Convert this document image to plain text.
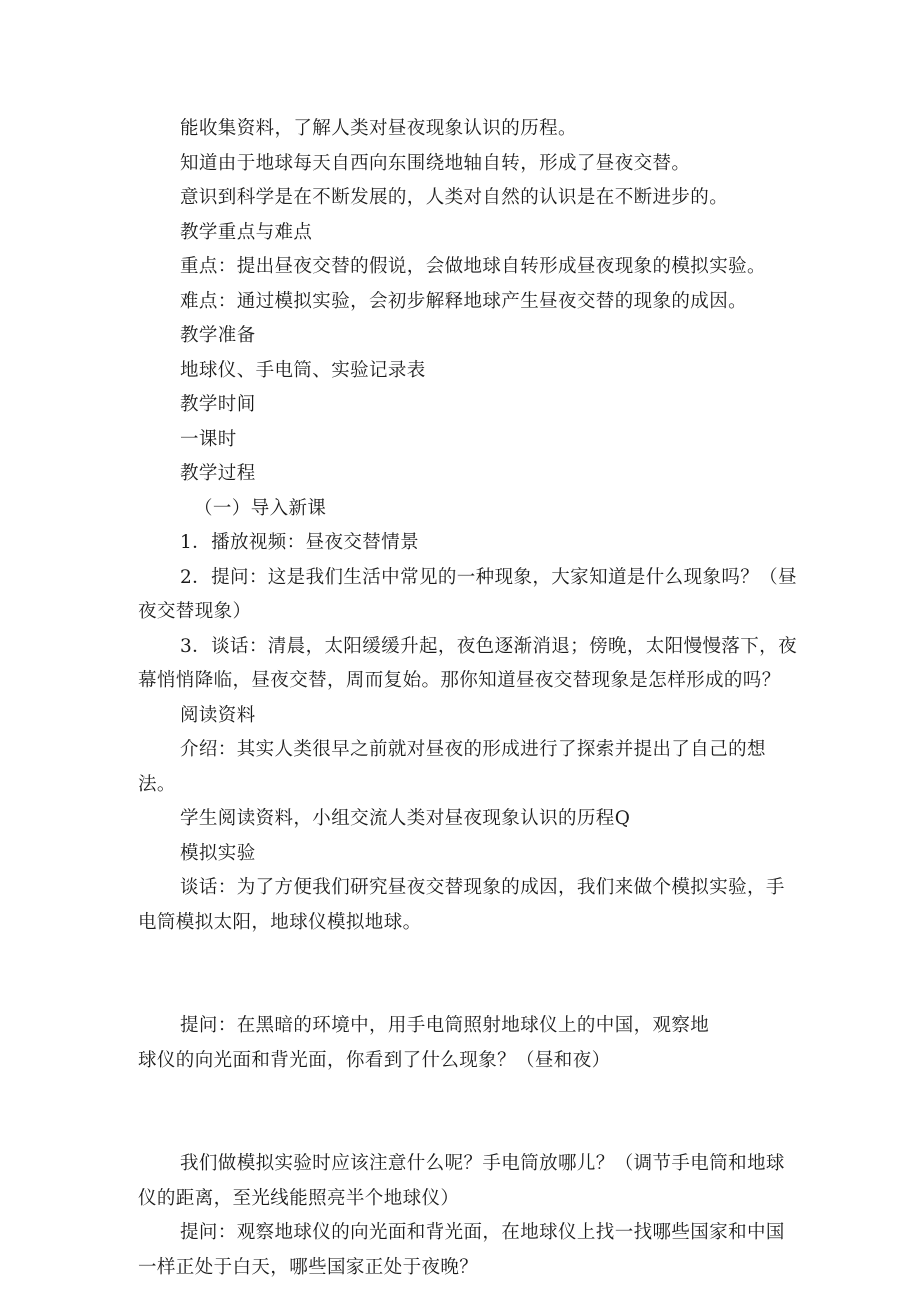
能收集资料，了解人类对昼夜现象认识的历程。

知道由于地球每天自西向东围绕地轴自转，形成了昼夜交替。

意识到科学是在不断发展的，人类对自然的认识是在不断进步的。

教学重点与难点

重点：提出昼夜交替的假说，会做地球自转形成昼夜现象的模拟实验。

难点：通过模拟实验，会初步解释地球产生昼夜交替的现象的成因。

教学准备

地球仪、手电筒、实验记录表

教学时间

一课时

教学过程

（一）导入新课

1．播放视频：昼夜交替情景

2．提问：这是我们生活中常见的一种现象，大家知道是什么现象吗？（昼夜交替现象）

3．谈话：清晨，太阳缓缓升起，夜色逐渐消退；傍晚，太阳慢慢落下，夜幕悄悄降临，昼夜交替，周而复始。那你知道昼夜交替现象是怎样形成的吗？

阅读资料

介绍：其实人类很早之前就对昼夜的形成进行了探索并提出了自己的想法。

学生阅读资料，小组交流人类对昼夜现象认识的历程Q

模拟实验

谈话：为了方便我们研究昼夜交替现象的成因，我们来做个模拟实验，手电筒模拟太阳，地球仪模拟地球。

提问：在黑暗的环境中，用手电筒照射地球仪上的中国，观察地
球仪的向光面和背光面，你看到了什么现象？（昼和夜）

我们做模拟实验时应该注意什么呢？手电筒放哪儿？（调节手电筒和地球仪的距离，至光线能照亮半个地球仪）

提问：观察地球仪的向光面和背光面，在地球仪上找一找哪些国家和中国一样正处于白天，哪些国家正处于夜晚？
